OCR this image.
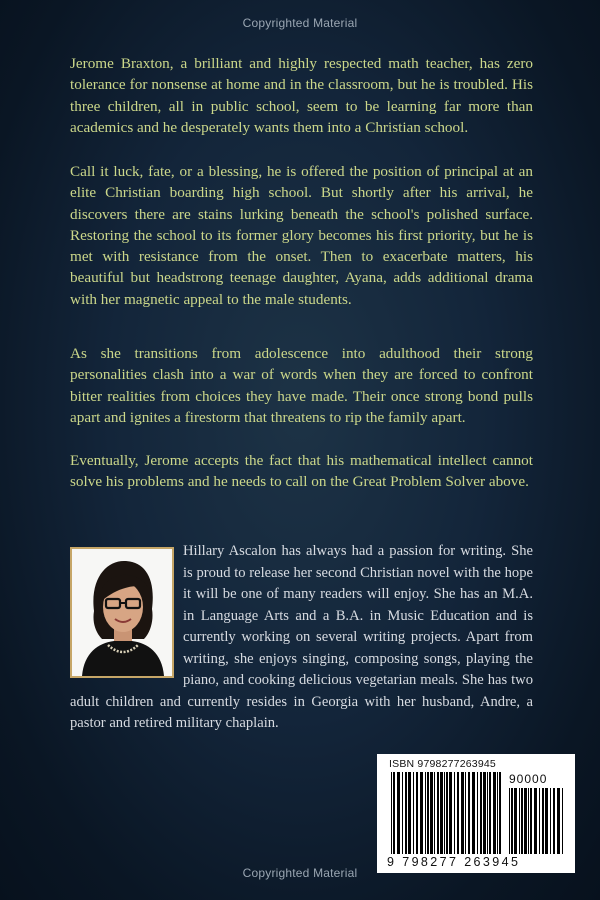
Copyrighted Material

Jerome Braxton, a brilliant and highly respected math teacher, has zero tolerance for nonsense at home and in the classroom, but he is troubled. His three children, all in public school, seem to be learning far more than academics and he desperately wants them into a Christian school.

Call it luck, fate, or a blessing, he is offered the position of principal at an elite Christian boarding high school. But shortly after his arrival, he discovers there are stains lurking beneath the school's polished surface. Restoring the school to its former glory becomes his first priority, but he is met with resistance from the onset. Then to exacerbate matters, his beautiful but headstrong teenage daughter, Ayana, adds additional drama with her magnetic appeal to the male students.

As she transitions from adolescence into adulthood their strong personalities clash into a war of words when they are forced to confront bitter realities from choices they have made. Their once strong bond pulls apart and ignites a firestorm that threatens to rip the family apart.

Eventually, Jerome accepts the fact that his mathematical intellect cannot solve his problems and he needs to call on the Great Problem Solver above.

Hillary Ascalon has always had a passion for writing. She is proud to release her second Christian novel with the hope it will be one of many readers will enjoy. She has an M.A. in Language Arts and a B.A. in Music Education and is currently working on several writing projects. Apart from writing, she enjoys singing, composing songs, playing the piano, and cooking delicious vegetarian meals. She has two adult children and currently resides in Georgia with her husband, Andre, a pastor and retired military chaplain.
ISBN 9798277263945
90000
9 798277 263945
Copyrighted Material
